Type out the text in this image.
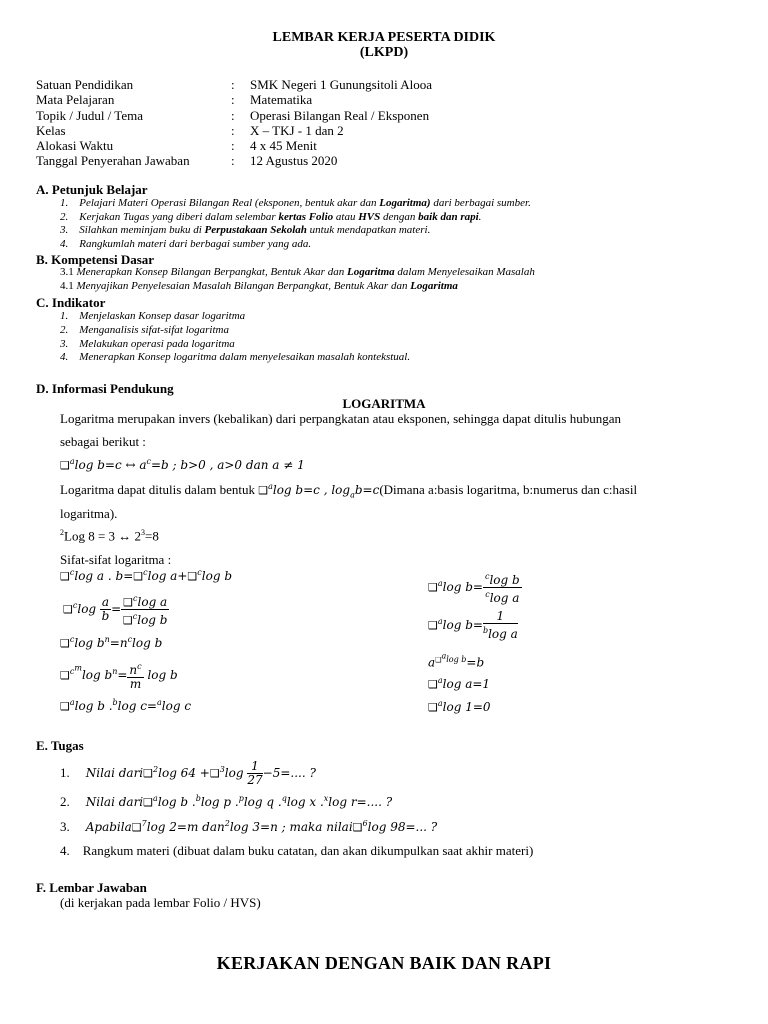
LEMBAR KERJA PESERTA DIDIK
(LKPD)
Satuan Pendidikan
Mata Pelajaran
Topik / Judul / Tema
Kelas
Alokasi Waktu
Tanggal Penyerahan Jawaban
:
:
:
:
:
:
SMK Negeri 1 Gunungsitoli Alooa
Matematika
Operasi Bilangan Real / Eksponen
X – TKJ - 1 dan 2
4 x 45 Menit
12 Agustus 2020
A. Petunjuk Belajar
1. Pelajari Materi Operasi Bilangan Real (eksponen, bentuk akar dan Logaritma) dari berbagai sumber.
2. Kerjakan Tugas yang diberi dalam selembar kertas Folio atau HVS dengan baik dan rapi.
3. Silahkan meminjam buku di Perpustakaan Sekolah untuk mendapatkan materi.
4. Rangkumlah materi dari berbagai sumber yang ada.
B. Kompetensi Dasar
3.1 Menerapkan Konsep Bilangan Berpangkat, Bentuk Akar dan Logaritma dalam Menyelesaikan Masalah
4.1 Menyajikan Penyelesaian Masalah Bilangan Berpangkat, Bentuk Akar dan Logaritma
C. Indikator
1. Menjelaskan Konsep dasar logaritma
2. Menganalisis sifat-sifat logaritma
3. Melakukan operasi pada logaritma
4. Menerapkan Konsep logaritma dalam menyelesaikan masalah kontekstual.
D. Informasi Pendukung
LOGARITMA
Logaritma merupakan invers (kebalikan) dari perpangkatan atau eksponen, sehingga dapat ditulis hubungan
sebagai berikut :
❑$^a$log b=c ↔ $a^c=b$ ; b>0 , a>0 dan a ≠ 1
Logaritma dapat ditulis dalam bentuk ❑$^a$log b=c , $\log_ab=c(Dimana$ a:basis logaritma, b:numerus dan c:hasil
logaritma).
$^2$Log 8 = 3 ↔ $2^3=8$
Sifat-sifat logaritma :
❑$^c$log a . b=❑$^c$log a+❑$^c$log b
❑$^c$log $\frac{a}{b} = \frac{❑^c\log a}{❑^c\log b}$
❑$^c$log $b^n=n^c\log$ b
❑$^{c^m}$log $b^n= \frac{n^c}{m}$ log b
❑$^a$log b .$^b$log c=$^a$log c
❑$^a$log $b= \frac{^c\log b}{^c\log a}$
❑$^a$log $b= \frac{1}{^b\log a}$
$a^{❑^alog b}=b$
❑$^a$log a=1
❑$^a$log 1=0
E. Tugas
1. Nilai dari❑$^2$log 64 +❑$^3$log $\frac{1}{27} -5=$.... ?
2. Nilai dari❑$^a$log b .$^b$log p .$^p$log q .$^q$log x .$^x$log r=.... ?
3. Apabila❑$^7$log 2=m dan$^2$log 3=n ; maka nilai❑$^6$log 98=... ?
4. Rangkum materi (dibuat dalam buku catatan, dan akan dikumpulkan saat akhir materi)
F. Lembar Jawaban
(di kerjakan pada lembar Folio / HVS)
KERJAKAN DENGAN BAIK DAN RAPI
